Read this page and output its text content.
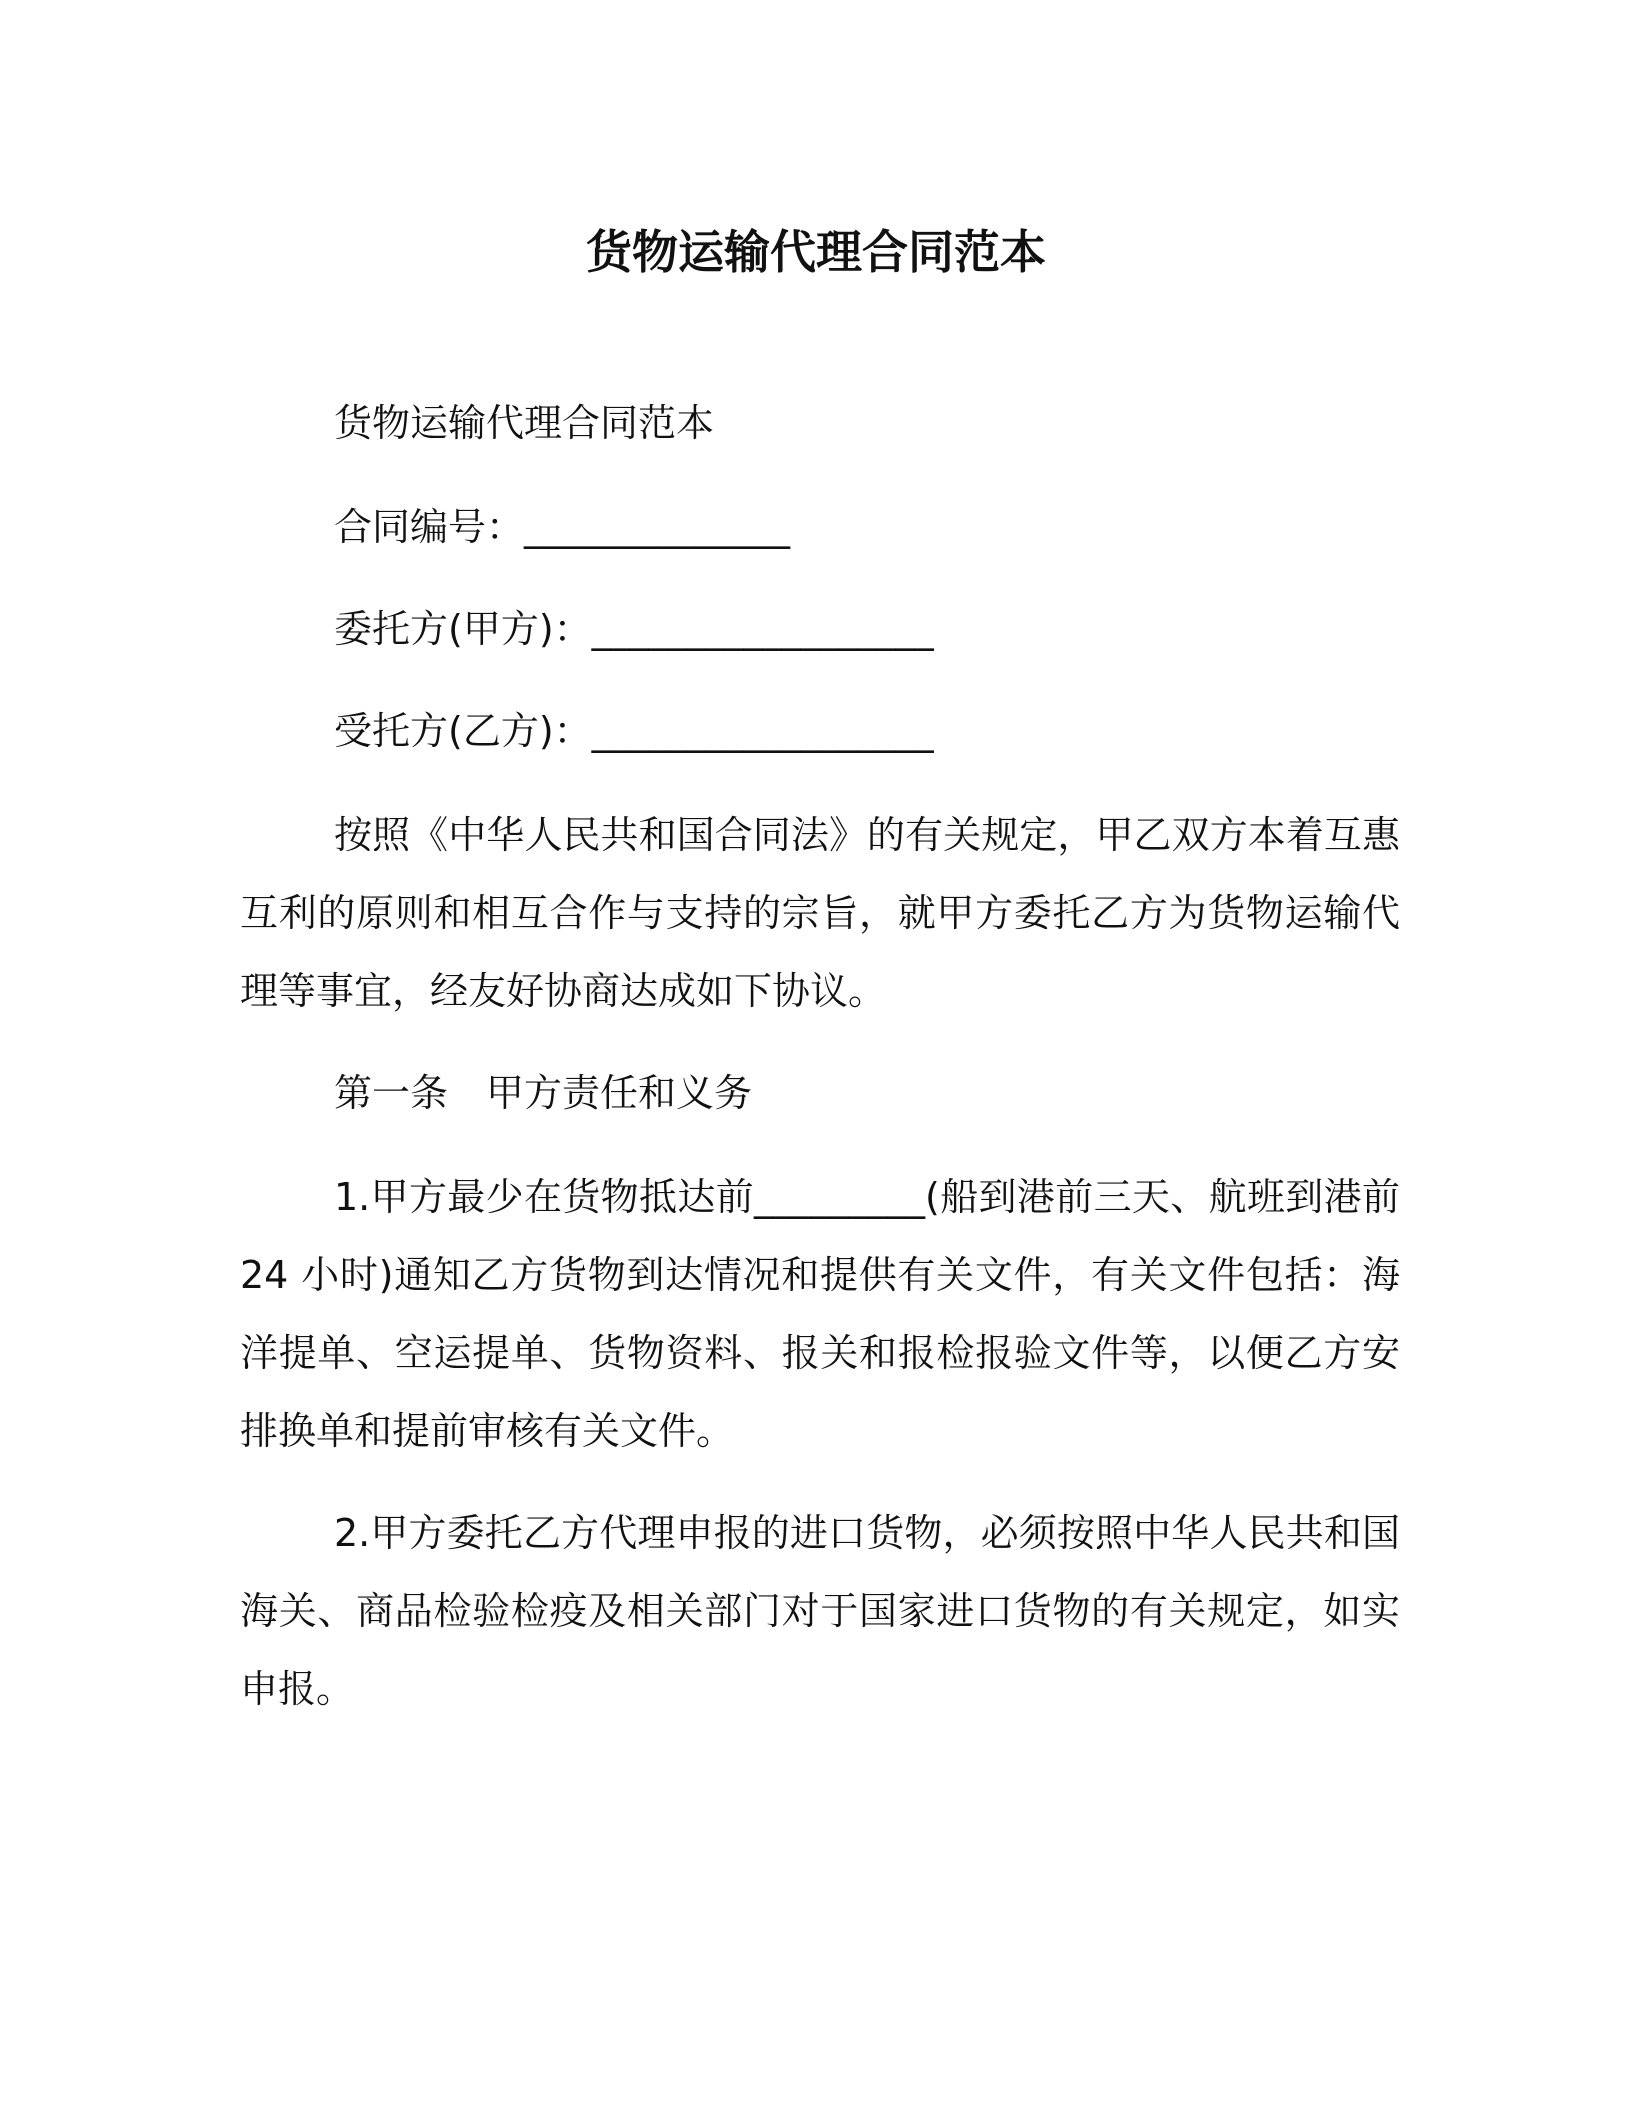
货物运输代理合同范本
货物运输代理合同范本
合同编号：______________
委托方(甲方)：__________________
受托方(乙方)：__________________
按照《中华人民共和国合同法》的有关规定，甲乙双方本着互惠互利的原则和相互合作与支持的宗旨，就甲方委托乙方为货物运输代理等事宜，经友好协商达成如下协议。
第一条　甲方责任和义务
1.甲方最少在货物抵达前_________(船到港前三天、航班到港前24 小时)通知乙方货物到达情况和提供有关文件，有关文件包括：海洋提单、空运提单、货物资料、报关和报检报验文件等，以便乙方安排换单和提前审核有关文件。
2.甲方委托乙方代理申报的进口货物，必须按照中华人民共和国海关、商品检验检疫及相关部门对于国家进口货物的有关规定，如实申报。
